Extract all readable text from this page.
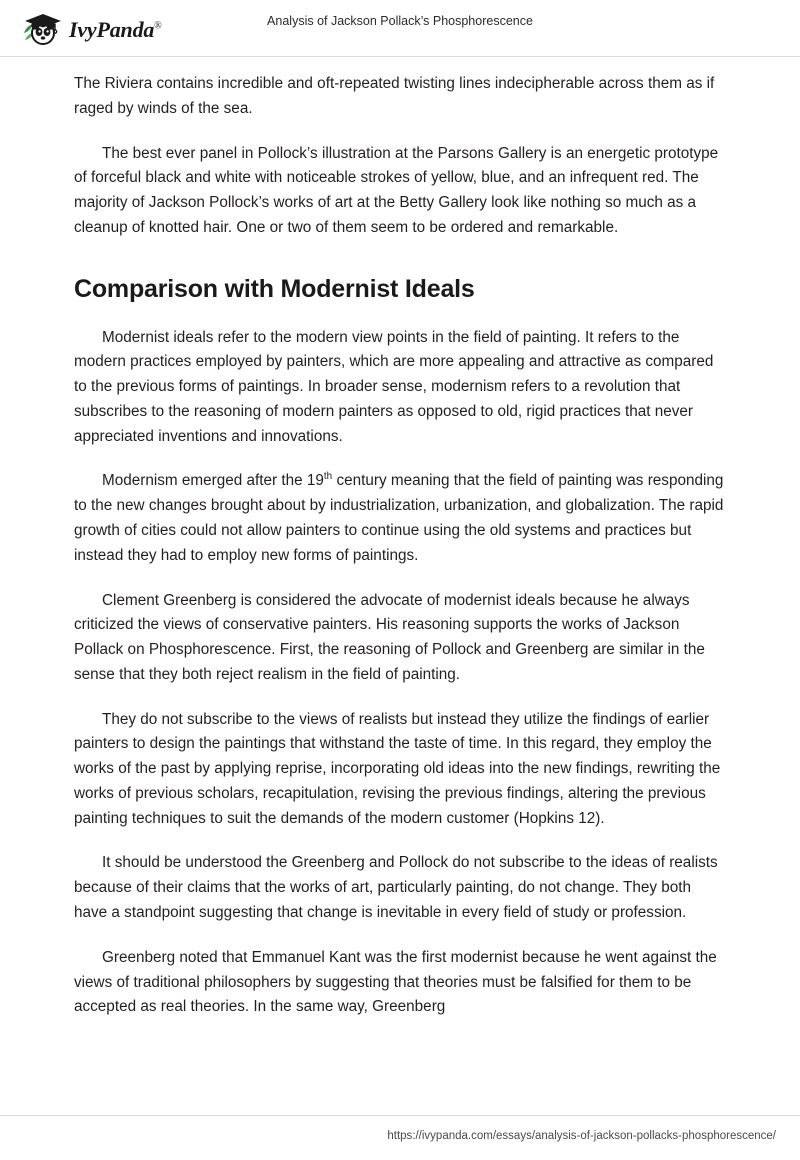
IvyPanda®	Analysis of Jackson Pollack’s Phosphorescence

The Riviera contains incredible and oft-repeated twisting lines indecipherable across them as if raged by winds of the sea.

The best ever panel in Pollock’s illustration at the Parsons Gallery is an energetic prototype of forceful black and white with noticeable strokes of yellow, blue, and an infrequent red. The majority of Jackson Pollock’s works of art at the Betty Gallery look like nothing so much as a cleanup of knotted hair. One or two of them seem to be ordered and remarkable.

Comparison with Modernist Ideals

Modernist ideals refer to the modern view points in the field of painting. It refers to the modern practices employed by painters, which are more appealing and attractive as compared to the previous forms of paintings. In broader sense, modernism refers to a revolution that subscribes to the reasoning of modern painters as opposed to old, rigid practices that never appreciated inventions and innovations.

Modernism emerged after the 19th century meaning that the field of painting was responding to the new changes brought about by industrialization, urbanization, and globalization. The rapid growth of cities could not allow painters to continue using the old systems and practices but instead they had to employ new forms of paintings.

Clement Greenberg is considered the advocate of modernist ideals because he always criticized the views of conservative painters. His reasoning supports the works of Jackson Pollack on Phosphorescence. First, the reasoning of Pollock and Greenberg are similar in the sense that they both reject realism in the field of painting.

They do not subscribe to the views of realists but instead they utilize the findings of earlier painters to design the paintings that withstand the taste of time. In this regard, they employ the works of the past by applying reprise, incorporating old ideas into the new findings, rewriting the works of previous scholars, recapitulation, revising the previous findings, altering the previous painting techniques to suit the demands of the modern customer (Hopkins 12).

It should be understood the Greenberg and Pollock do not subscribe to the ideas of realists because of their claims that the works of art, particularly painting, do not change. They both have a standpoint suggesting that change is inevitable in every field of study or profession.

Greenberg noted that Emmanuel Kant was the first modernist because he went against the views of traditional philosophers by suggesting that theories must be falsified for them to be accepted as real theories. In the same way, Greenberg

https://ivypanda.com/essays/analysis-of-jackson-pollacks-phosphorescence/
